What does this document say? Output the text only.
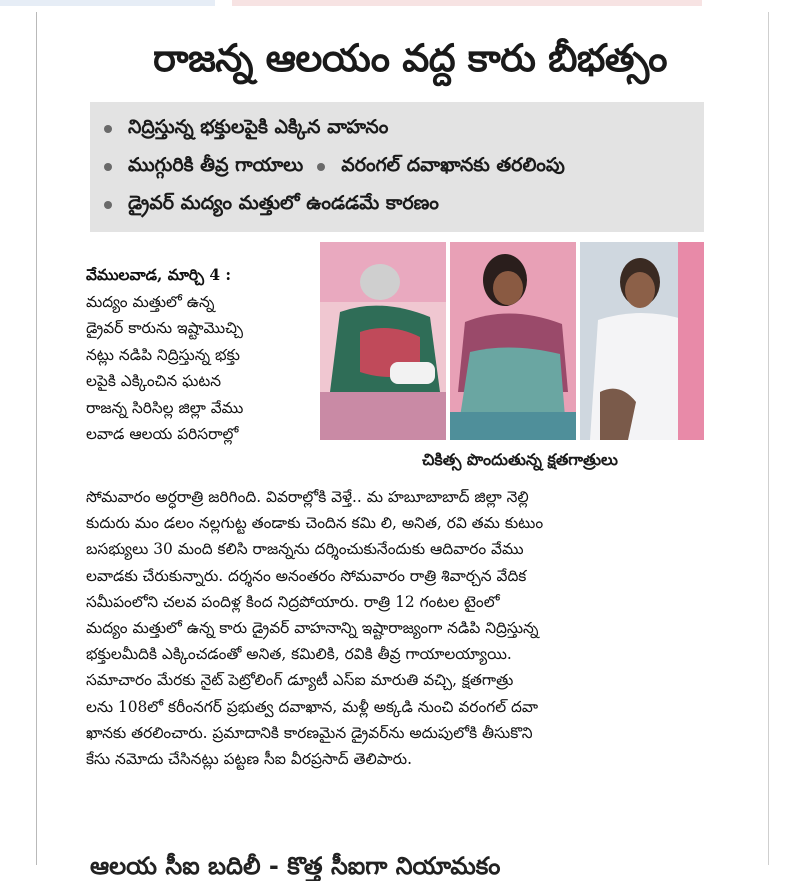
రాజన్న ఆలయం వద్ద కారు బీభత్సం
నిద్రిస్తున్న భక్తులపైకి ఎక్కిన వాహనం
ముగ్గురికి తీవ్ర గాయాలు వరంగల్ దవాఖానకు తరలింపు
డ్రైవర్ మద్యం మత్తులో ఉండడమే కారణం
చికిత్స పొందుతున్న క్షతగాత్రులు
వేములవాడ, మార్చి 4 :
మద్యం మత్తులో ఉన్న
డ్రైవర్ కారును ఇష్టామొచ్చి
నట్లు నడిపి నిద్రిస్తున్న భక్తు
లపైకి ఎక్కించిన ఘటన
రాజన్న సిరిసిల్ల జిల్లా వేము
లవాడ ఆలయ పరిసరాల్లో
సోమవారం అర్ధరాత్రి జరిగింది. వివరాల్లోకి వెళ్తే.. మ హబూబాబాద్ జిల్లా నెల్లి
కుదురు మం డలం నల్లగుట్ట తండాకు చెందిన కమి లి, అనిత, రవి తమ కుటుం
బసభ్యులు 30 మంది కలిసి రాజన్నను దర్శించుకునేందుకు ఆదివారం వేము
లవాడకు చేరుకున్నారు. దర్శనం అనంతరం సోమవారం రాత్రి శివార్చన వేదిక
సమీపంలోని చలవ పందిళ్ల కింద నిద్రపోయారు. రాత్రి 12 గంటల టైంలో
మద్యం మత్తులో ఉన్న కారు డ్రైవర్ వాహనాన్ని ఇష్టారాజ్యంగా నడిపి నిద్రిస్తున్న
భక్తులమీదికి ఎక్కించడంతో అనిత, కమిలికి, రవికి తీవ్ర గాయాలయ్యాయి.
సమాచారం మేరకు నైట్ పెట్రోలింగ్ డ్యూటీ ఎస్ఐ మారుతి వచ్చి, క్షతగాత్రు
లను 108లో కరీంనగర్ ప్రభుత్వ దవాఖాన, మళ్లీ అక్కడి నుంచి వరంగల్ దవా
ఖానకు తరలించారు. ప్రమాదానికి కారణమైన డ్రైవర్‌ను అదుపులోకి తీసుకొని
కేసు నమోదు చేసినట్లు పట్టణ సీఐ వీరప్రసాద్ తెలిపారు.
ఆలయ సీఐ బదిలీ - కొత్త సీఐగా నియామకం
